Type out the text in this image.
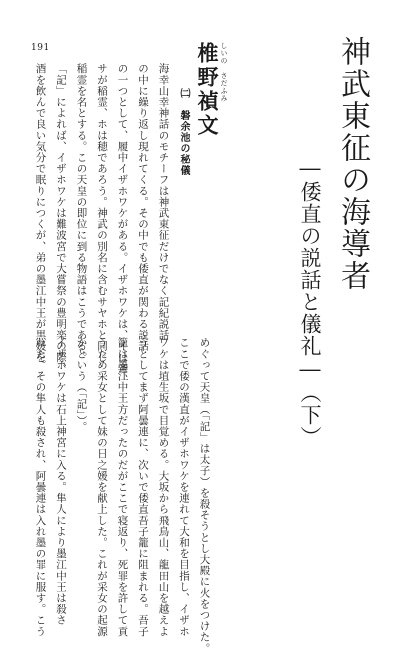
191	神武東征の海導者
―倭直の説話と儀礼―（下）
しいの　さだふみ
椎野禎文
㈡　磐余池の秘儀

海幸山幸神話のモチーフは神武東征だけでなく記紀説話

の中に繰り返し現れてくる。その中でも倭直が関わる説話

の一つとして、履中イザホワケがある。イザホワケは、イは斎、

サが稲霊、ホは穂であろう。神武の別名に含むサヤホと同じ

稲霊を名とする。この天皇の即位に到る物語はこうである。

「記」によれば、イザホワケは難波宮で大嘗祭の豊明楽の際、

酒を飲んで良い気分で眠りにつくが、弟の墨江中王が黒媛を

めぐって天皇（「記」は太子）を殺そうとし大殿に火をつけた。

ここで倭の漢直がイザホワケを連れて大和を目指し、イザホ

ワケは埴生坂で目覚める。大坂から飛鳥山、龍田山を越えよ

うとしてまず阿曇連に、次いで倭直吾子籠に阻まれる。吾子

籠は墨江中王方だったのだがここで寝返り、死罪を許して貢

うため采女として妹の日之媛を献上した。これが采女の起源

かという（「記」）。

イザホワケは石上神宮に入る。隼人により墨江中王は殺さ

れた。その隼人も殺され、阿曇連は入れ墨の罪に服す。こう
